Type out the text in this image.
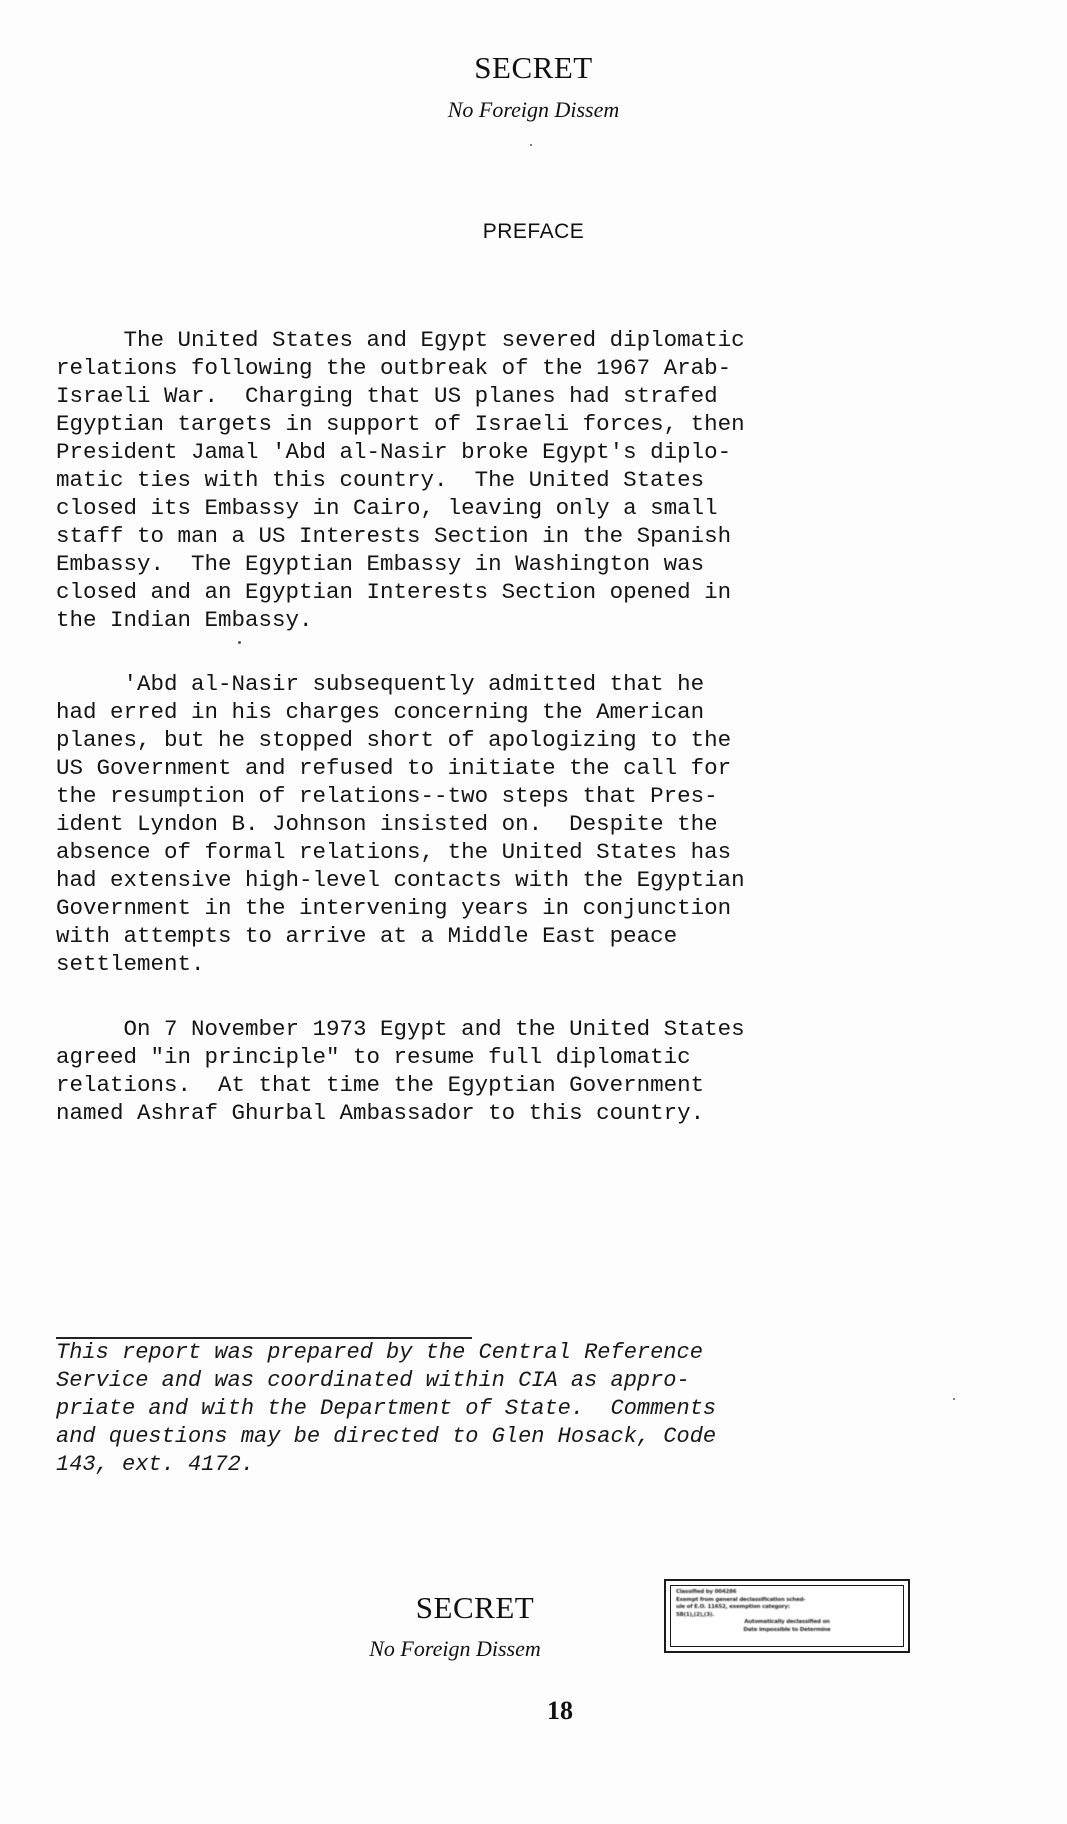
SECRET
No Foreign Dissem
PREFACE
The United States and Egypt severed diplomatic
relations following the outbreak of the 1967 Arab-
Israeli War.  Charging that US planes had strafed
Egyptian targets in support of Israeli forces, then
President Jamal 'Abd al-Nasir broke Egypt's diplo-
matic ties with this country.  The United States
closed its Embassy in Cairo, leaving only a small
staff to man a US Interests Section in the Spanish
Embassy.  The Egyptian Embassy in Washington was
closed and an Egyptian Interests Section opened in
the Indian Embassy.
'Abd al-Nasir subsequently admitted that he
had erred in his charges concerning the American
planes, but he stopped short of apologizing to the
US Government and refused to initiate the call for
the resumption of relations--two steps that Pres-
ident Lyndon B. Johnson insisted on.  Despite the
absence of formal relations, the United States has
had extensive high-level contacts with the Egyptian
Government in the intervening years in conjunction
with attempts to arrive at a Middle East peace
settlement.
On 7 November 1973 Egypt and the United States
agreed "in principle" to resume full diplomatic
relations.  At that time the Egyptian Government
named Ashraf Ghurbal Ambassador to this country.
This report was prepared by the Central Reference
Service and was coordinated within CIA as appro-
priate and with the Department of State.  Comments
and questions may be directed to Glen Hosack, Code
143, ext. 4172.
SECRET
No Foreign Dissem
18
Classified by 004286
Exempt from general declassification sched-
ule of E.O. 11652, exemption category:
5B(1),(2),(3).
Automatically declassified on
Date impossible to Determine
